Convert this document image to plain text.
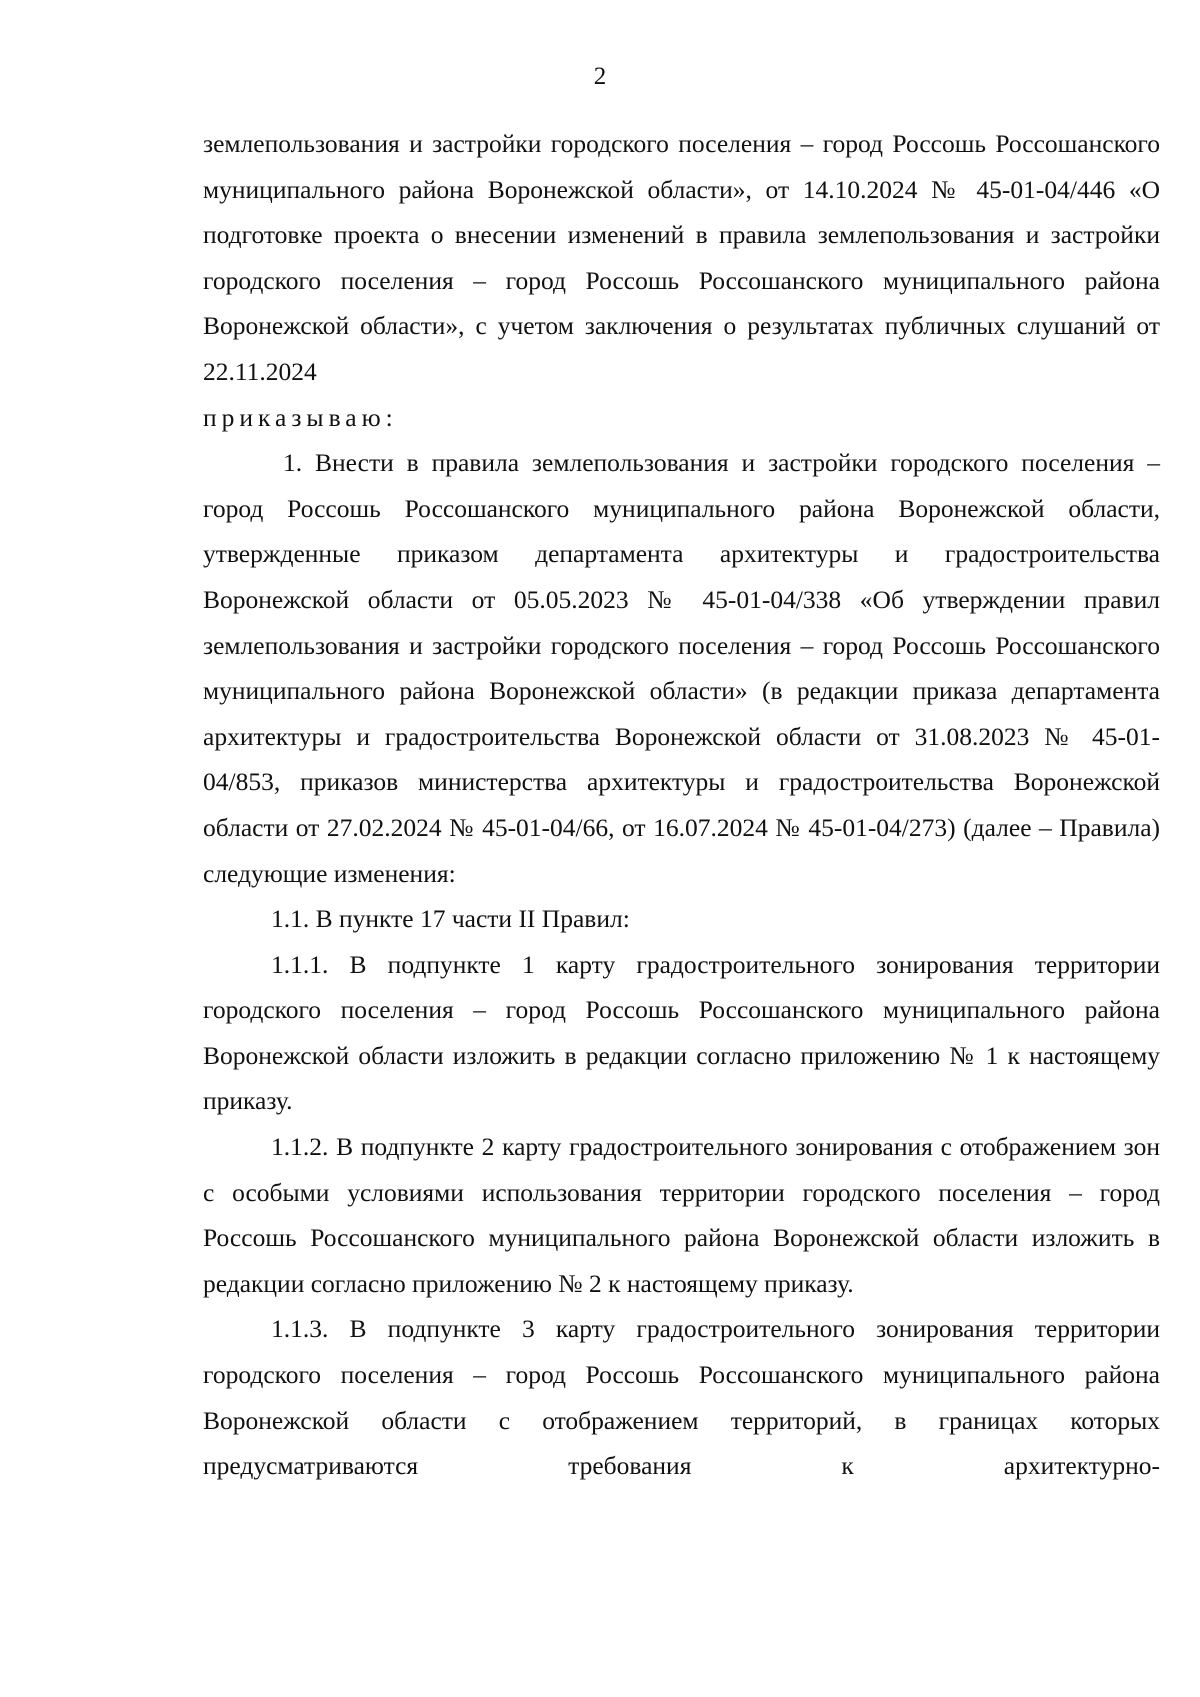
2

землепользования и застройки городского поселения – город Россошь Россошанского муниципального района Воронежской области», от 14.10.2024 № 45-01-04/446 «О подготовке проекта о внесении изменений в правила землепользования и застройки городского поселения – город Россошь Россошанского муниципального района Воронежской области», с учетом заключения о результатах публичных слушаний от 22.11.2024

приказываю:

1. Внести в правила землепользования и застройки городского поселения – город Россошь Россошанского муниципального района Воронежской области, утвержденные приказом департамента архитектуры и градостроительства Воронежской области от 05.05.2023 № 45-01-04/338 «Об утверждении правил землепользования и застройки городского поселения – город Россошь Россошанского муниципального района Воронежской области» (в редакции приказа департамента архитектуры и градостроительства Воронежской области от 31.08.2023 № 45-01-04/853, приказов министерства архитектуры и градостроительства Воронежской области от 27.02.2024 № 45-01-04/66, от 16.07.2024 № 45-01-04/273) (далее – Правила) следующие изменения:

1.1. В пункте 17 части II Правил:

1.1.1. В подпункте 1 карту градостроительного зонирования территории городского поселения – город Россошь Россошанского муниципального района Воронежской области изложить в редакции согласно приложению № 1 к настоящему приказу.

1.1.2. В подпункте 2 карту градостроительного зонирования с отображением зон с особыми условиями использования территории городского поселения – город Россошь Россошанского муниципального района Воронежской области изложить в редакции согласно приложению № 2 к настоящему приказу.

1.1.3. В подпункте 3 карту градостроительного зонирования территории городского поселения – город Россошь Россошанского муниципального района Воронежской области с отображением территорий, в границах которых предусматриваются требования к архитектурно-
